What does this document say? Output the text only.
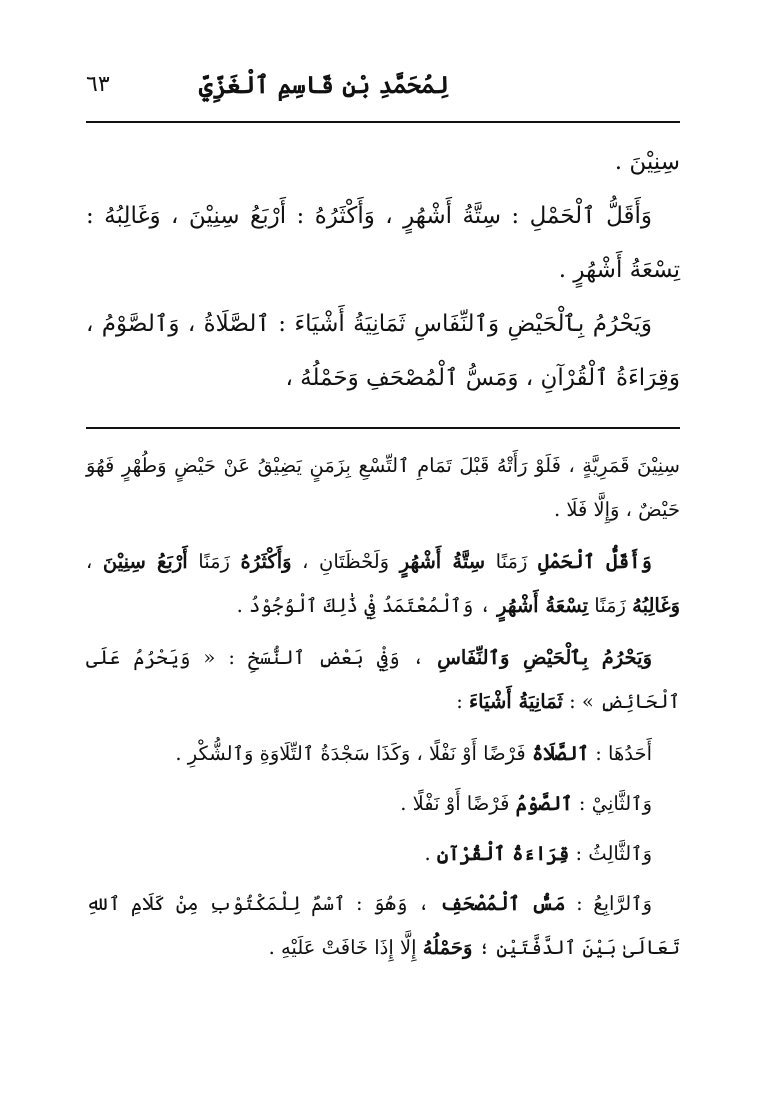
لِمُحَمَّدِ بْنِ قَاسِمِ ٱلْغَزِّيِّ
٦٣

سِنِيْنَ .

وَأَقَلُّ ٱلْحَمْلِ : سِتَّةُ أَشْهُرٍ ، وَأَكْثَرُهُ : أَرْبَعُ سِنِيْنَ ، وَغَالِبُهُ : تِسْعَةُ أَشْهُرٍ .

وَيَحْرُمُ بِٱلْحَيْضِ وَٱلنِّفَاسِ ثَمَانِيَةُ أَشْيَاءَ : ٱلصَّلَاةُ ، وَٱلصَّوْمُ ، وَقِرَاءَةُ ٱلْقُرْآنِ ، وَمَسُّ ٱلْمُصْحَفِ وَحَمْلُهُ ،

سِنِيْنَ قَمَرِيَّةٍ ، فَلَوْ رَأَتْهُ قَبْلَ تَمَامِ ٱلتِّسْعِ بِزَمَنٍ يَضِيْقُ عَنْ حَيْضٍ وَطُهْرٍ فَهُوَ حَيْضٌ ، وَإِلَّا فَلَا .

وَأَقَلُّ ٱلْحَمْلِ زَمَنًا سِتَّةُ أَشْهُرٍ وَلَحْظَتَانِ ، وَأَكْثَرُهُ زَمَنًا أَرْبَعُ سِنِيْنَ ، وَغَالِبُهُ زَمَنًا تِسْعَةُ أَشْهُرٍ ، وَٱلْمُعْتَمَدُ فِيْ ذَٰلِكَ ٱلْوُجُوْدُ .

وَيَحْرُمُ بِٱلْحَيْضِ وَٱلنِّفَاسِ ، وَفِيْ بَعْضِ ٱلنُّسَخِ : « وَيَحْرُمُ عَلَى ٱلْحَائِضِ » : ثَمَانِيَةُ أَشْيَاءَ :

أَحَدُهَا : ٱلصَّلَاةُ فَرْضًا أَوْ نَفْلًا ، وَكَذَا سَجْدَةُ ٱلتِّلَاوَةِ وَٱلشُّكْرِ .

وَٱلثَّانِيْ : ٱلصَّوْمُ فَرْضًا أَوْ نَفْلًا .

وَٱلثَّالِثُ : قِرَاءَةُ ٱلْقُرْآنِ .

وَٱلرَّابِعُ : مَسُّ ٱلْمُصْحَفِ ، وَهُوَ : ٱسْمٌ لِلْمَكْتُوْبِ مِنْ كَلَامِ ٱللهِ تَعَالَىٰ بَيْنَ ٱلدَّفَّتَيْنِ ؛ وَحَمْلُهُ إِلَّا إِذَا خَافَتْ عَلَيْهِ .
